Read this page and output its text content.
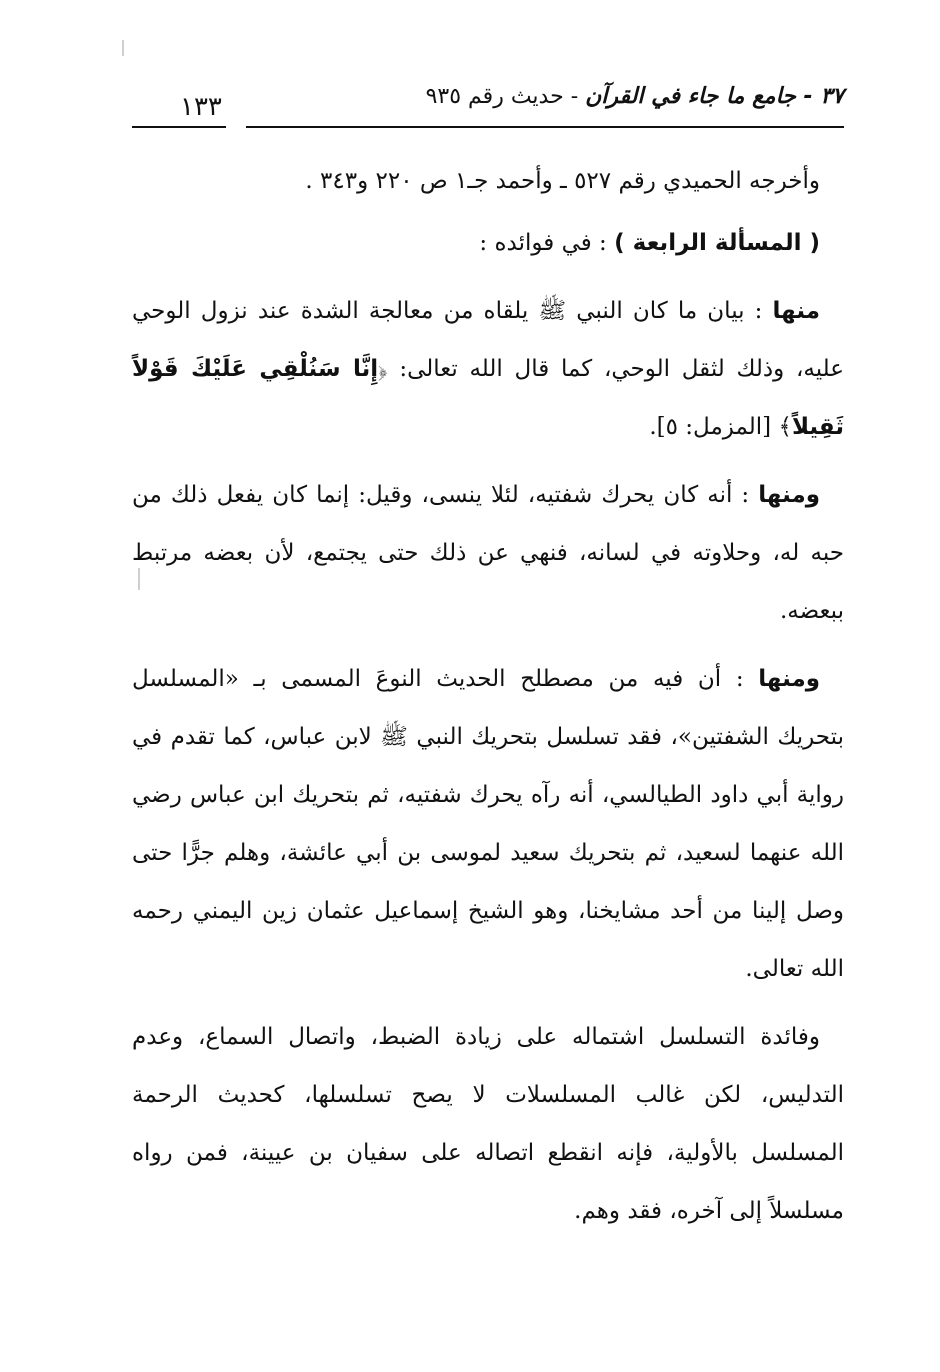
٣٧ - جامع ما جاء في القرآن - حديث رقم ٩٣٥
١٣٣

وأخرجه الحميدي رقم ٥٢٧ ـ وأحمد جـ١ ص ٢٢٠ و٣٤٣ .

( المسألة الرابعة ) : في فوائده :

منها : بيان ما كان النبي ﷺ يلقاه من معالجة الشدة عند نزول الوحي عليه، وذلك لثقل الوحي، كما قال الله تعالى: ﴿إِنَّا سَنُلْقِي عَلَيْكَ قَوْلاً ثَقِيلاً﴾ [المزمل: ٥].

ومنها : أنه كان يحرك شفتيه، لئلا ينسى، وقيل: إنما كان يفعل ذلك من حبه له، وحلاوته في لسانه، فنهي عن ذلك حتى يجتمع، لأن بعضه مرتبط ببعضه.

ومنها : أن فيه من مصطلح الحديث النوعَ المسمى بـ «المسلسل بتحريك الشفتين»، فقد تسلسل بتحريك النبي ﷺ لابن عباس، كما تقدم في رواية أبي داود الطيالسي، أنه رآه يحرك شفتيه، ثم بتحريك ابن عباس رضي الله عنهما لسعيد، ثم بتحريك سعيد لموسى بن أبي عائشة، وهلم جرًّا حتى وصل إلينا من أحد مشايخنا، وهو الشيخ إسماعيل عثمان زين اليمني رحمه الله تعالى.

وفائدة التسلسل اشتماله على زيادة الضبط، واتصال السماع، وعدم التدليس، لكن غالب المسلسلات لا يصح تسلسلها، كحديث الرحمة المسلسل بالأولية، فإنه انقطع اتصاله على سفيان بن عيينة، فمن رواه مسلسلاً إلى آخره، فقد وهم.
